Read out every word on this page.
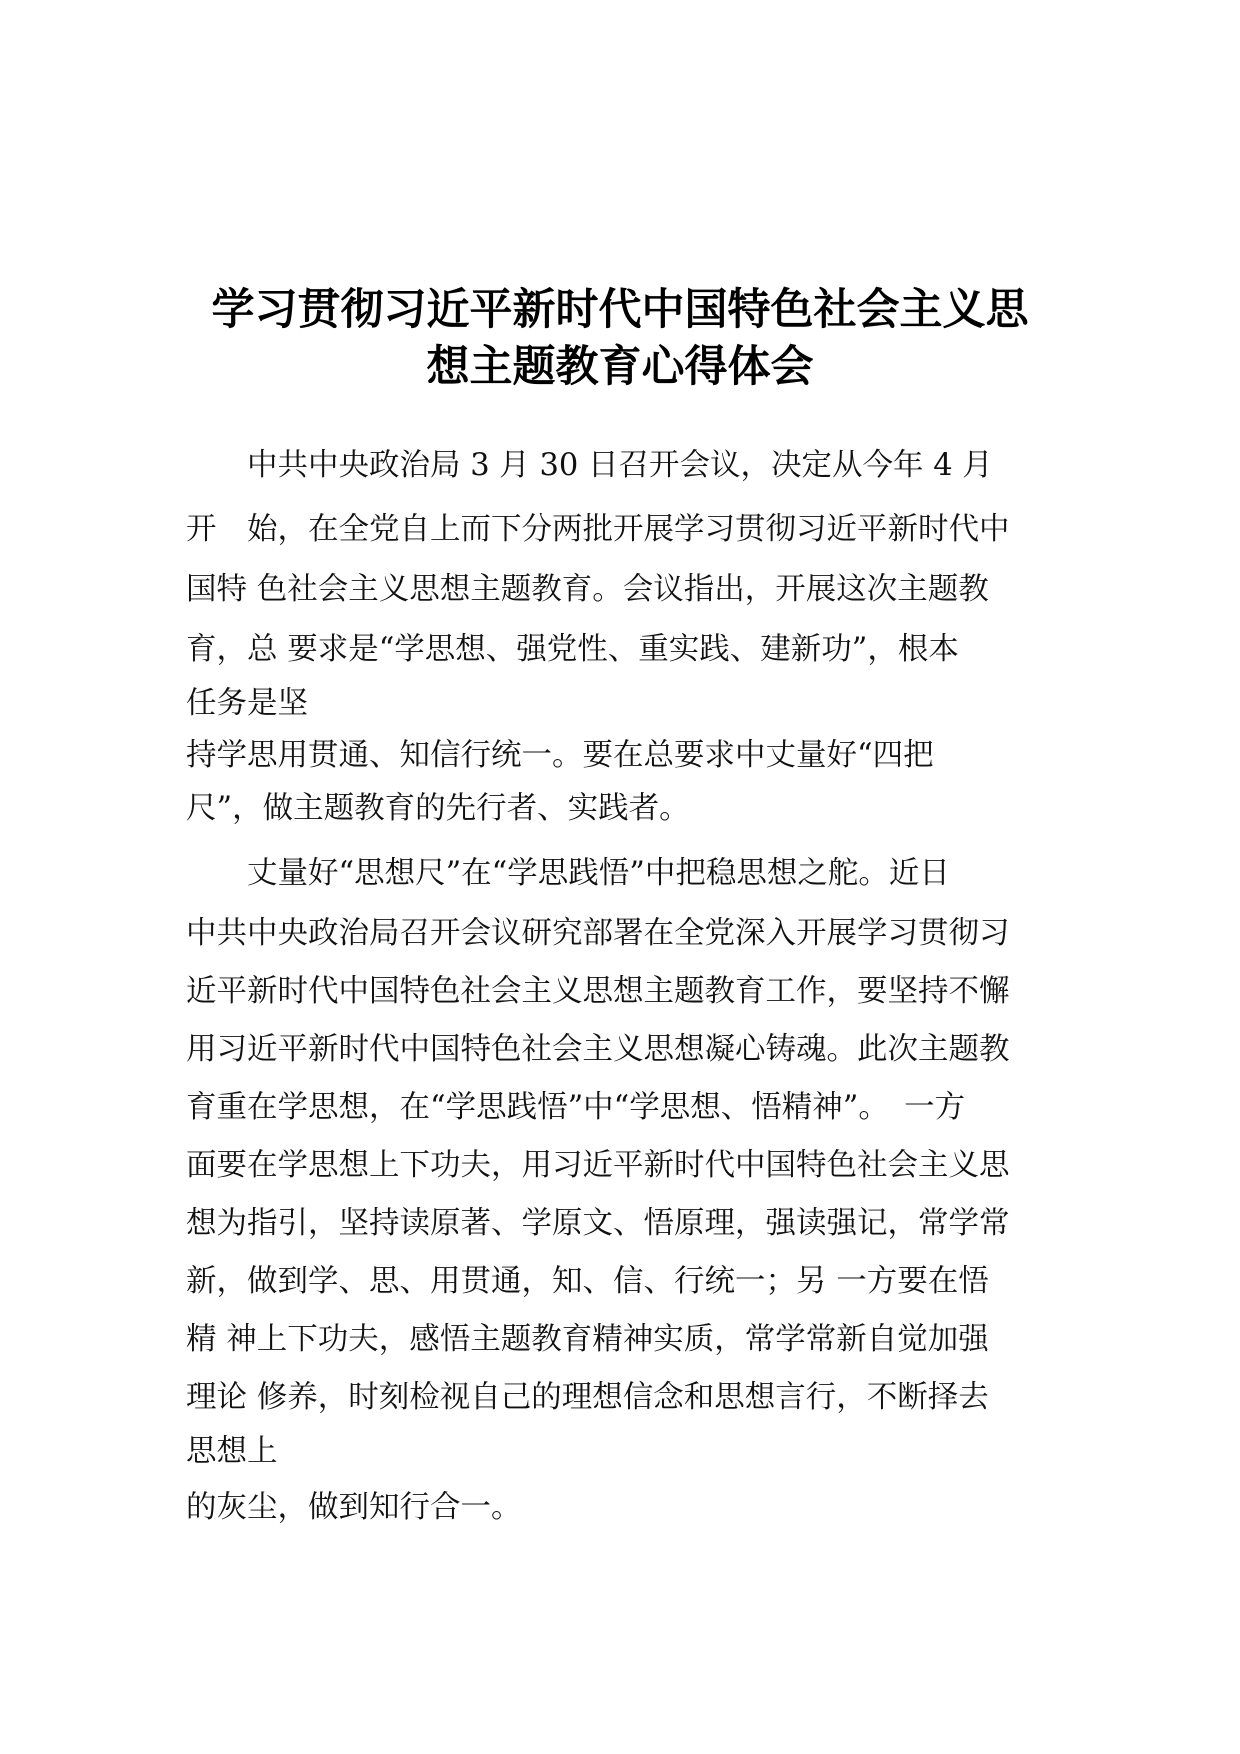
学习贯彻习近平新时代中国特色社会主义思
想主题教育心得体会
　　中共中央政治局 3 月 30 日召开会议，决定从今年 4 月
开　始，在全党自上而下分两批开展学习贯彻习近平新时代中
国特 色社会主义思想主题教育。会议指出，开展这次主题教
育，总 要求是“学思想、强党性、重实践、建新功”，根本
任务是坚
持学思用贯通、知信行统一。要在总要求中丈量好“四把
尺”，做主题教育的先行者、实践者。
　　丈量好“思想尺”在“学思践悟”中把稳思想之舵。近日
中共中央政治局召开会议研究部署在全党深入开展学习贯彻习
近平新时代中国特色社会主义思想主题教育工作，要坚持不懈
用习近平新时代中国特色社会主义思想凝心铸魂。此次主题教
育重在学思想，在“学思践悟”中“学思想、悟精神”。　一方
面要在学思想上下功夫，用习近平新时代中国特色社会主义思
想为指引，坚持读原著、学原文、悟原理，强读强记，常学常
新，做到学、思、用贯通，知、信、行统一；另 一方要在悟
精 神上下功夫，感悟主题教育精神实质，常学常新自觉加强
理论 修养，时刻检视自己的理想信念和思想言行，不断择去
思想上
的灰尘，做到知行合一。
